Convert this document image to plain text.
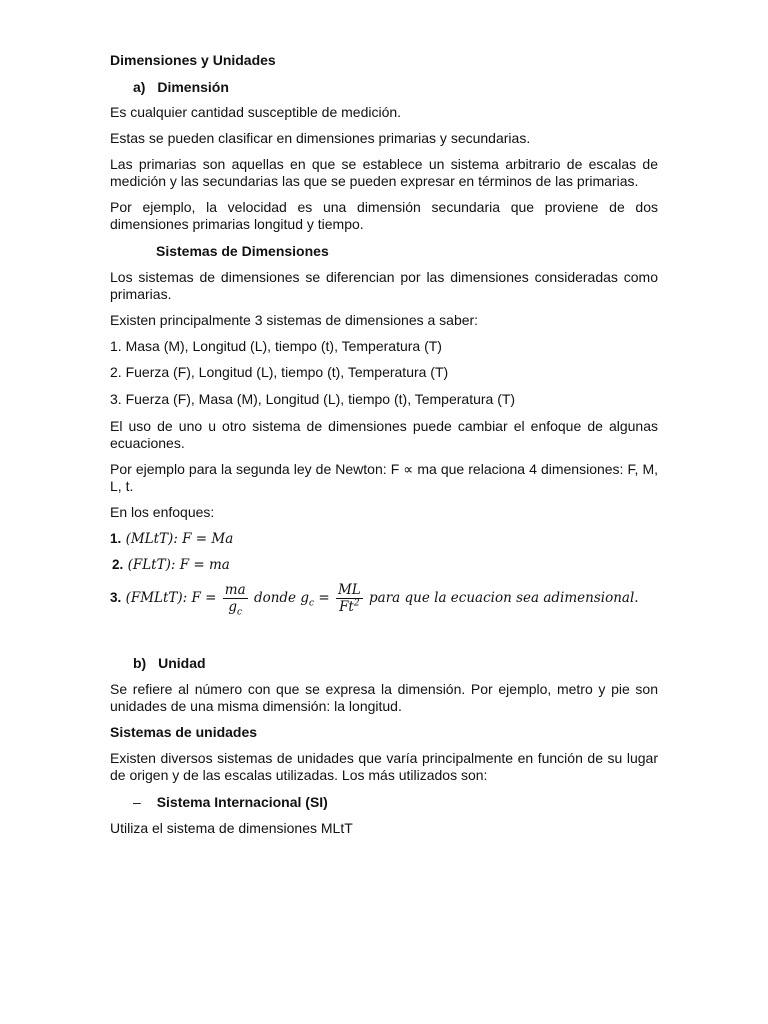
Dimensiones y Unidades

a) Dimensión

Es cualquier cantidad susceptible de medición.

Estas se pueden clasificar en dimensiones primarias y secundarias.

Las primarias son aquellas en que se establece un sistema arbitrario de escalas de medición y las secundarias las que se pueden expresar en términos de las primarias.

Por ejemplo, la velocidad es una dimensión secundaria que proviene de dos dimensiones primarias longitud y tiempo.

Sistemas de Dimensiones

Los sistemas de dimensiones se diferencian por las dimensiones consideradas como primarias.

Existen principalmente 3 sistemas de dimensiones a saber:

1. Masa (M), Longitud (L), tiempo (t), Temperatura (T)

2. Fuerza (F), Longitud (L), tiempo (t), Temperatura (T)

3. Fuerza (F), Masa (M), Longitud (L), tiempo (t), Temperatura (T)

El uso de uno u otro sistema de dimensiones puede cambiar el enfoque de algunas ecuaciones.

Por ejemplo para la segunda ley de Newton: F ∝ ma que relaciona 4 dimensiones: F, M, L, t.

En los enfoques:

1. (MLtT): F = Ma
2. (FLtT): F = ma
3. (FMLtT): $F = \frac{ma}{g_c}$ donde $g_c = \frac{ML}{Ft^2}$ para que la ecuacion sea adimensional.
b) Unidad

Se refiere al número con que se expresa la dimensión. Por ejemplo, metro y pie son unidades de una misma dimensión: la longitud.

Sistemas de unidades

Existen diversos sistemas de unidades que varía principalmente en función de su lugar de origen y de las escalas utilizadas. Los más utilizados son:

– Sistema Internacional (SI)

Utiliza el sistema de dimensiones MLtT
